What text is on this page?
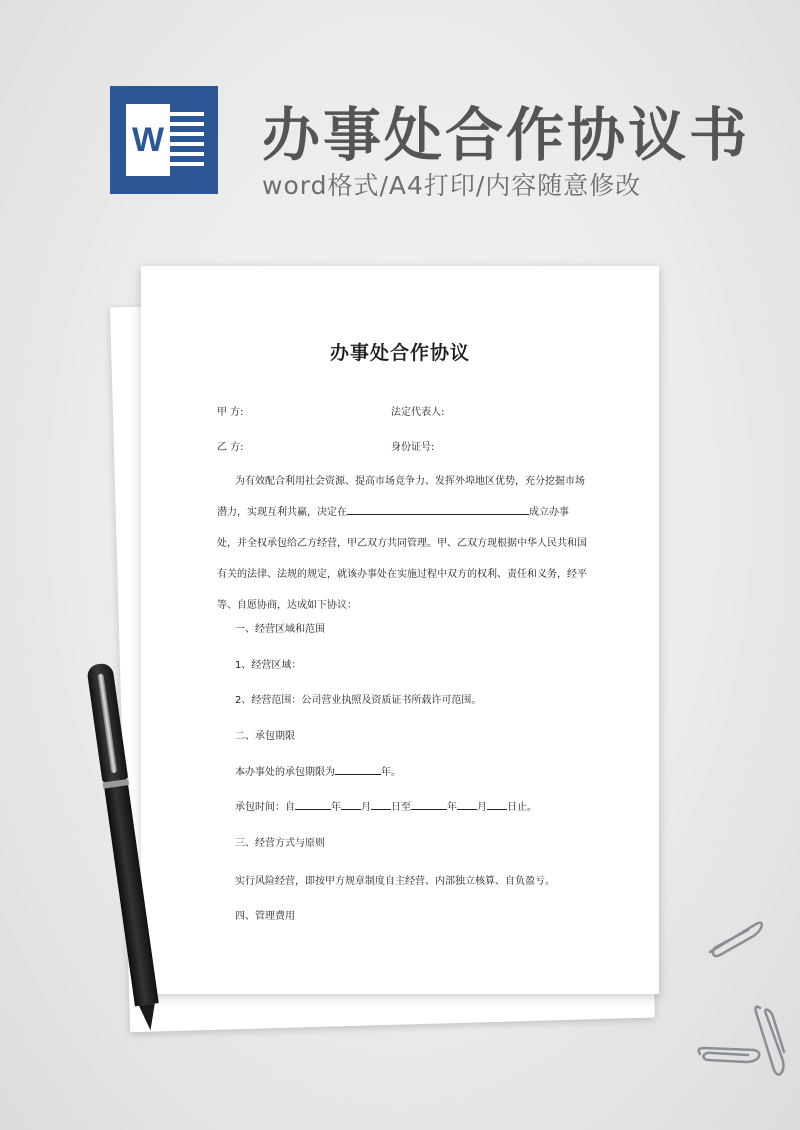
W 办事处合作协议书
word格式/A4打印/内容随意修改
办事处合作协议
甲 方:	法定代表人:
乙 方:	身份证号:
为有效配合利用社会资源、提高市场竞争力、发挥外埠地区优势，充分挖掘市场潜力，实现互利共赢，决定在	成立办事处，并全权承包给乙方经营，甲乙双方共同管理。甲、乙双方现根据中华人民共和国有关的法律、法规的规定，就该办事处在实施过程中双方的权利、责任和义务，经平等、自愿协商，达成如下协议：
一、经营区域和范围
1、经营区域：
2、经营范围：公司营业执照及资质证书所载许可范围。
二、承包期限
本办事处的承包期限为	年。
承包时间：自	年 月 日至	年 月 日止。
三、经营方式与原则
实行风险经营，即按甲方规章制度自主经营、内部独立核算、自负盈亏。
四、管理费用
